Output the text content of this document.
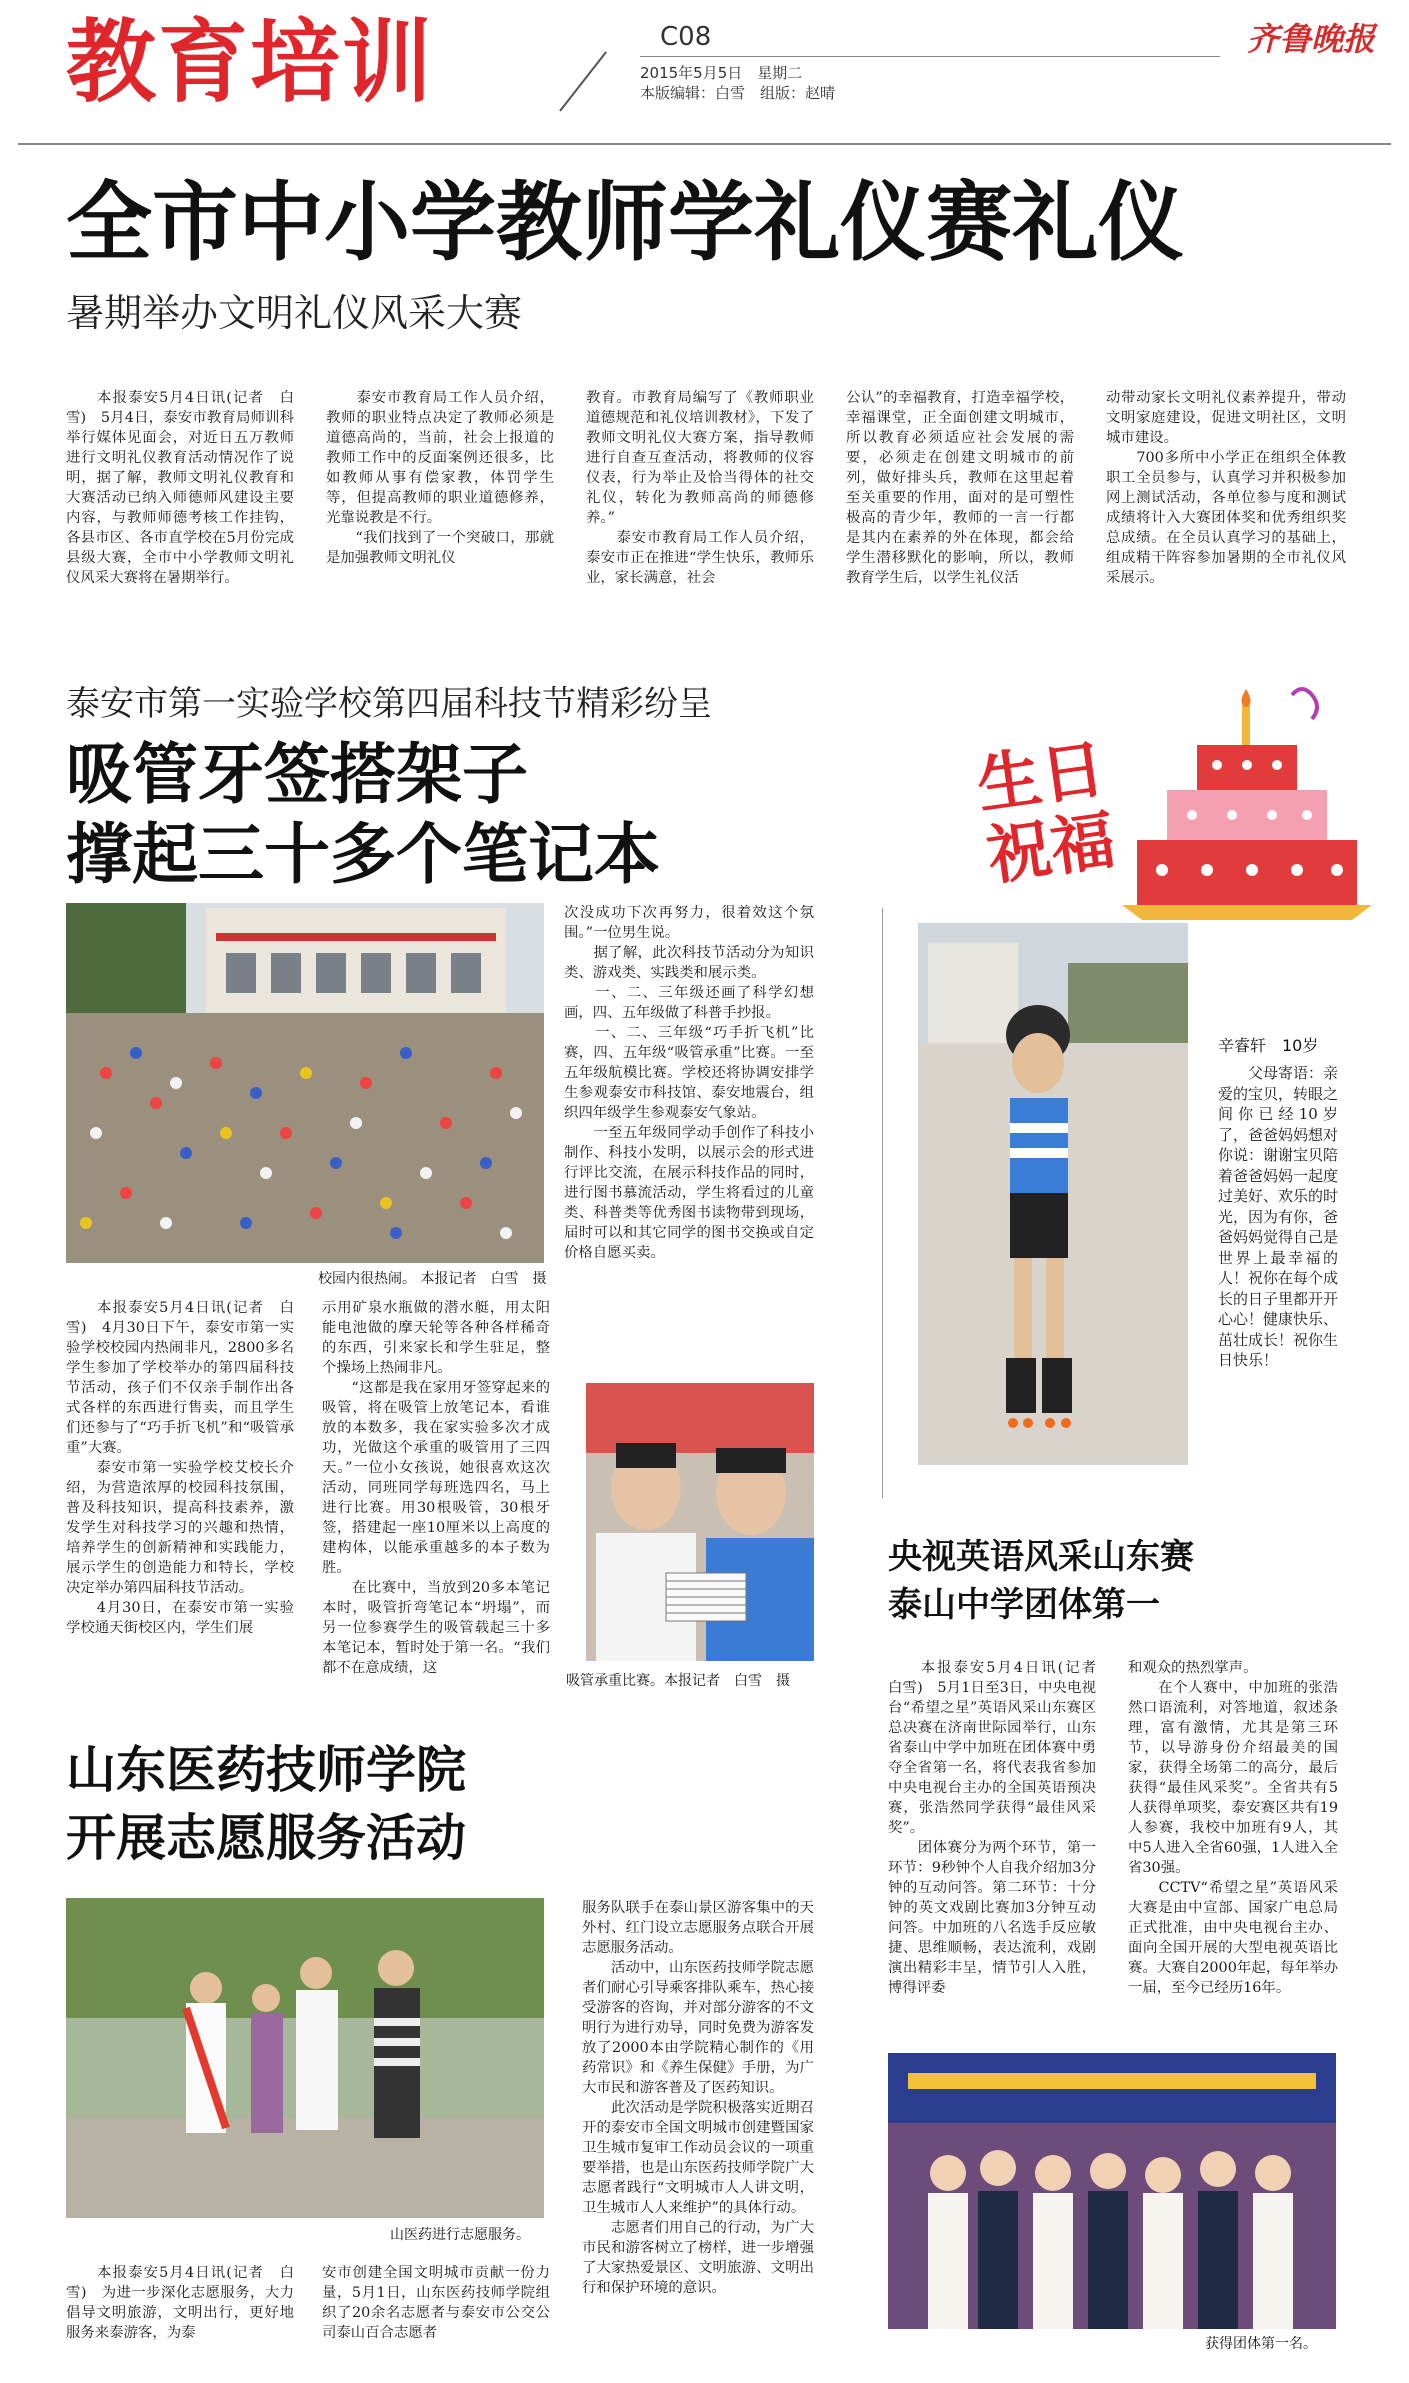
教育培训	C08
2015年5月5日　星期二
本版编辑：白雪　组版：赵晴
齐鲁晚报
全市中小学教师学礼仪赛礼仪
暑期举办文明礼仪风采大赛
　　本报泰安5月4日讯(记者　白雪)　5月4日，泰安市教育局师训科举行媒体见面会，对近日五万教师进行文明礼仪教育活动情况作了说明，据了解，教师文明礼仪教育和大赛活动已纳入师德师风建设主要内容，与教师师德考核工作挂钩，各县市区、各市直学校在5月份完成县级大赛，全市中小学教师文明礼仪风采大赛将在暑期举行。
　　泰安市教育局工作人员介绍，教师的职业特点决定了教师必须是道德高尚的，当前，社会上报道的教师工作中的反面案例还很多，比如教师从事有偿家教，体罚学生等，但提高教师的职业道德修养，光靠说教是不行。
　　“我们找到了一个突破口，那就是加强教师文明礼仪
教育。市教育局编写了《教师职业道德规范和礼仪培训教材》，下发了教师文明礼仪大赛方案，指导教师进行自查互查活动，将教师的仪容仪表，行为举止及恰当得体的社交礼仪，转化为教师高尚的师德修养。”
　　泰安市教育局工作人员介绍，泰安市正在推进“学生快乐，教师乐业，家长满意，社会
公认”的幸福教育，打造幸福学校，幸福课堂，正全面创建文明城市，所以教育必须适应社会发展的需要，必须走在创建文明城市的前列，做好排头兵，教师在这里起着至关重要的作用，面对的是可塑性极高的青少年，教师的一言一行都是其内在素养的外在体现，都会给学生潜移默化的影响，所以，教师教育学生后，以学生礼仪活
动带动家长文明礼仪素养提升，带动文明家庭建设，促进文明社区，文明城市建设。
　　700多所中小学正在组织全体教职工全员参与，认真学习并积极参加网上测试活动，各单位参与度和测试成绩将计入大赛团体奖和优秀组织奖总成绩。在全员认真学习的基础上，组成精干阵容参加暑期的全市礼仪风采展示。
泰安市第一实验学校第四届科技节精彩纷呈
吸管牙签搭架子
撑起三十多个笔记本
校园内很热闹。 本报记者　白雪　摄
次没成功下次再努力，很着效这个氛围。”一位男生说。
　　据了解，此次科技节活动分为知识类、游戏类、实践类和展示类。
　　一、二、三年级还画了科学幻想画，四、五年级做了科普手抄报。
　　一、二、三年级“巧手折飞机”比赛，四、五年级“吸管承重”比赛。一至五年级航模比赛。学校还将协调安排学生参观泰安市科技馆、泰安地震台，组织四年级学生参观泰安气象站。
　　一至五年级同学动手创作了科技小制作、科技小发明，以展示会的形式进行评比交流，在展示科技作品的同时，进行图书慕流活动，学生将看过的儿童类、科普类等优秀图书读物带到现场，届时可以和其它同学的图书交换或自定价格自愿买卖。
　　本报泰安5月4日讯(记者　白雪)　4月30日下午，泰安市第一实验学校校园内热闹非凡，2800多名学生参加了学校举办的第四届科技节活动，孩子们不仅亲手制作出各式各样的东西进行售卖，而且学生们还参与了“巧手折飞机”和“吸管承重”大赛。
　　泰安市第一实验学校艾校长介绍，为营造浓厚的校园科技氛围，普及科技知识，提高科技素养，激发学生对科技学习的兴趣和热情，培养学生的创新精神和实践能力，展示学生的创造能力和特长，学校决定举办第四届科技节活动。
　　4月30日，在泰安市第一实验学校通天街校区内，学生们展
示用矿泉水瓶做的潜水艇，用太阳能电池做的摩天轮等各种各样稀奇的东西，引来家长和学生驻足，整个操场上热闹非凡。
　　“这都是我在家用牙签穿起来的吸管，将在吸管上放笔记本，看谁放的本数多，我在家实验多次才成功，光做这个承重的吸管用了三四天。”一位小女孩说，她很喜欢这次活动，同班同学每班选四名，马上进行比赛。用30根吸管，30根牙签，搭建起一座10厘米以上高度的建构体，以能承重越多的本子数为胜。
　　在比赛中，当放到20多本笔记本时，吸管折弯笔记本“坍塌”，而另一位参赛学生的吸管载起三十多本笔记本，暂时处于第一名。“我们都不在意成绩，这
吸管承重比赛。本报记者　白雪　摄
生日祝福
辛睿轩　10岁
　　父母寄语：亲爱的宝贝，转眼之间你已经10岁了，爸爸妈妈想对你说：谢谢宝贝陪着爸爸妈妈一起度过美好、欢乐的时光，因为有你，爸爸妈妈觉得自己是世界上最幸福的人！祝你在每个成长的日子里都开开心心！健康快乐、茁壮成长！祝你生日快乐！
央视英语风采山东赛
泰山中学团体第一
　　本报泰安5月4日讯(记者　白雪)　5月1日至3日，中央电视台“希望之星”英语风采山东赛区总决赛在济南世际园举行，山东省泰山中学中加班在团体赛中勇夺全省第一名，将代表我省参加中央电视台主办的全国英语预决赛，张浩然同学获得“最佳风采奖”。
　　团体赛分为两个环节，第一环节：9秒钟个人自我介绍加3分钟的互动问答。第二环节：十分钟的英文戏剧比赛加3分钟互动问答。中加班的八名选手反应敏捷、思维顺畅，表达流利，戏剧演出精彩丰呈，情节引人入胜，博得评委
和观众的热烈掌声。
　　在个人赛中，中加班的张浩然口语流利，对答地道，叙述条理，富有激情，尤其是第三环节，以导游身份介绍最美的国家，获得全场第二的高分，最后获得“最佳风采奖”。全省共有5人获得单项奖，泰安赛区共有19人参赛，我校中加班有9人，其中5人进入全省60强，1人进入全省30强。
　　CCTV“希望之星”英语风采大赛是由中宣部、国家广电总局正式批准，由中央电视台主办、面向全国开展的大型电视英语比赛。大赛自2000年起，每年举办一届，至今已经历16年。
获得团体第一名。
山东医药技师学院
开展志愿服务活动
山医药进行志愿服务。
服务队联手在泰山景区游客集中的天外村、红门设立志愿服务点联合开展志愿服务活动。
　　活动中，山东医药技师学院志愿者们耐心引导乘客排队乘车，热心接受游客的咨询，并对部分游客的不文明行为进行劝导，同时免费为游客发放了2000本由学院精心制作的《用药常识》和《养生保健》手册，为广大市民和游客普及了医药知识。
　　此次活动是学院积极落实近期召开的泰安市全国文明城市创建暨国家卫生城市复审工作动员会议的一项重要举措，也是山东医药技师学院广大志愿者践行“文明城市人人讲文明，卫生城市人人来维护”的具体行动。
　　志愿者们用自己的行动，为广大市民和游客树立了榜样，进一步增强了大家热爱景区、文明旅游、文明出行和保护环境的意识。
　　本报泰安5月4日讯(记者　白雪)　为进一步深化志愿服务，大力倡导文明旅游，文明出行，更好地服务来泰游客，为泰
安市创建全国文明城市贡献一份力量，5月1日，山东医药技师学院组织了20余名志愿者与泰安市公交公司泰山百合志愿者
